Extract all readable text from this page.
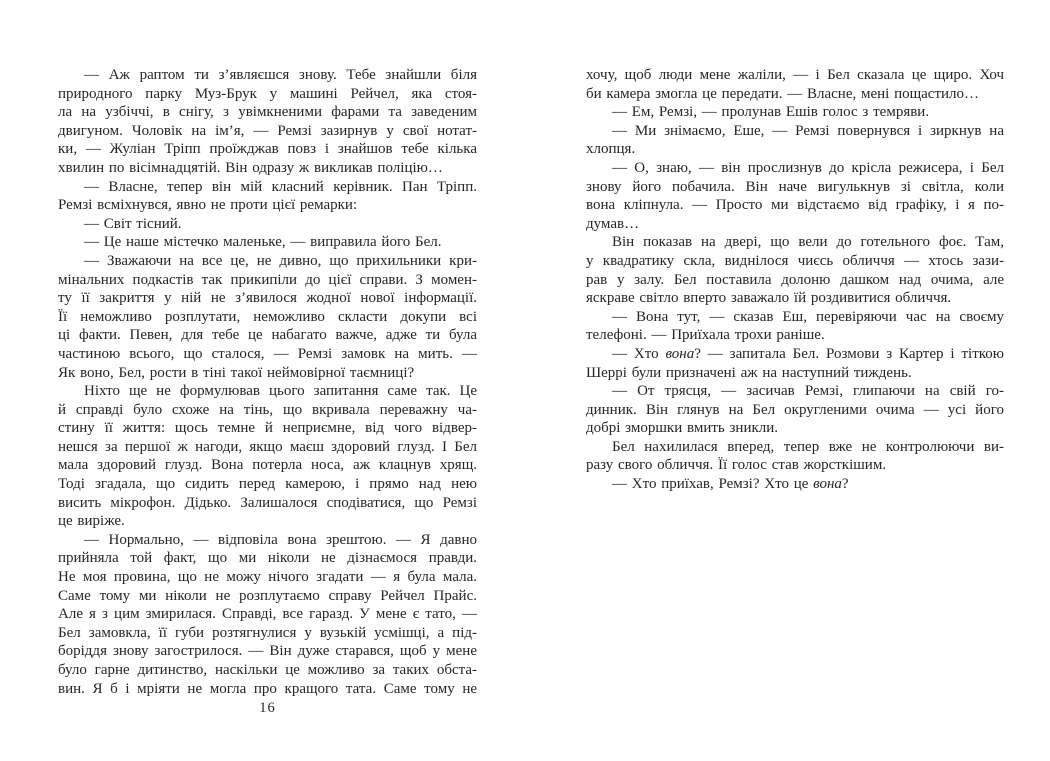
— Аж раптом ти з’являєшся знову. Тебе знайшли біля
природного парку Муз-Брук у машині Рейчел, яка стоя-
ла на узбіччі, в снігу, з увімкненими фарами та заведеним
двигуном. Чоловік на ім’я, — Ремзі зазирнув у свої нотат-
ки, — Жуліан Тріпп проїжджав повз і знайшов тебе кілька
хвилин по вісімнадцятій. Він одразу ж викликав поліцію…
— Власне, тепер він мій класний керівник. Пан Тріпп.
Ремзі всміхнувся, явно не проти цієї ремарки:
— Світ тісний.
— Це наше містечко маленьке, — виправила його Бел.
— Зважаючи на все це, не дивно, що прихильники кри-
мінальних подкастів так прикипіли до цієї справи. З момен-
ту її закриття у ній не з’явилося жодної нової інформації.
Її неможливо розплутати, неможливо скласти докупи всі
ці факти. Певен, для тебе це набагато важче, адже ти була
частиною всього, що сталося, — Ремзі замовк на мить. —
Як воно, Бел, рости в тіні такої неймовірної таємниці?
Ніхто ще не формулював цього запитання саме так. Це
й справді було схоже на тінь, що вкривала переважну ча-
стину її життя: щось темне й неприємне, від чого відвер-
нешся за першої ж нагоди, якщо маєш здоровий глузд. І Бел
мала здоровий глузд. Вона потерла носа, аж клацнув хрящ.
Тоді згадала, що сидить перед камерою, і прямо над нею
висить мікрофон. Дідько. Залишалося сподіватися, що Ремзі
це виріже.
— Нормально, — відповіла вона зрештою. — Я давно
прийняла той факт, що ми ніколи не дізнаємося правди.
Не моя провина, що не можу нічого згадати — я була мала.
Саме тому ми ніколи не розплутаємо справу Рейчел Прайс.
Але я з цим змирилася. Справді, все гаразд. У мене є тато, —
Бел замовкла, її губи розтягнулися у вузькій усмішці, а під-
боріддя знову загострилося. — Він дуже старався, щоб у мене
було гарне дитинство, наскільки це можливо за таких обста-
вин. Я б і мріяти не могла про кращого тата. Саме тому не
хочу, щоб люди мене жаліли, — і Бел сказала це щиро. Хоч
би камера змогла це передати. — Власне, мені пощастило…
— Ем, Ремзі, — пролунав Ешів голос з темряви.
— Ми знімаємо, Еше, — Ремзі повернувся і зиркнув на
хлопця.
— О, знаю, — він прослизнув до крісла режисера, і Бел
знову його побачила. Він наче вигулькнув зі світла, коли
вона кліпнула. — Просто ми відстаємо від графіку, і я по-
думав…
Він показав на двері, що вели до готельного фоє. Там,
у квадратику скла, виднілося чиєсь обличчя — хтось зази-
рав у залу. Бел поставила долоню дашком над очима, але
яскраве світло вперто заважало їй роздивитися обличчя.
— Вона тут, — сказав Еш, перевіряючи час на своєму
телефоні. — Приїхала трохи раніше.
— Хто вона? — запитала Бел. Розмови з Картер і тіткою
Шеррі були призначені аж на наступний тиждень.
— От трясця, — засичав Ремзі, глипаючи на свій го-
динник. Він глянув на Бел округленими очима — усі його
добрі зморшки вмить зникли.
Бел нахилилася вперед, тепер вже не контролюючи ви-
разу свого обличчя. Її голос став жорсткішим.
— Хто приїхав, Ремзі? Хто це вона?
16
